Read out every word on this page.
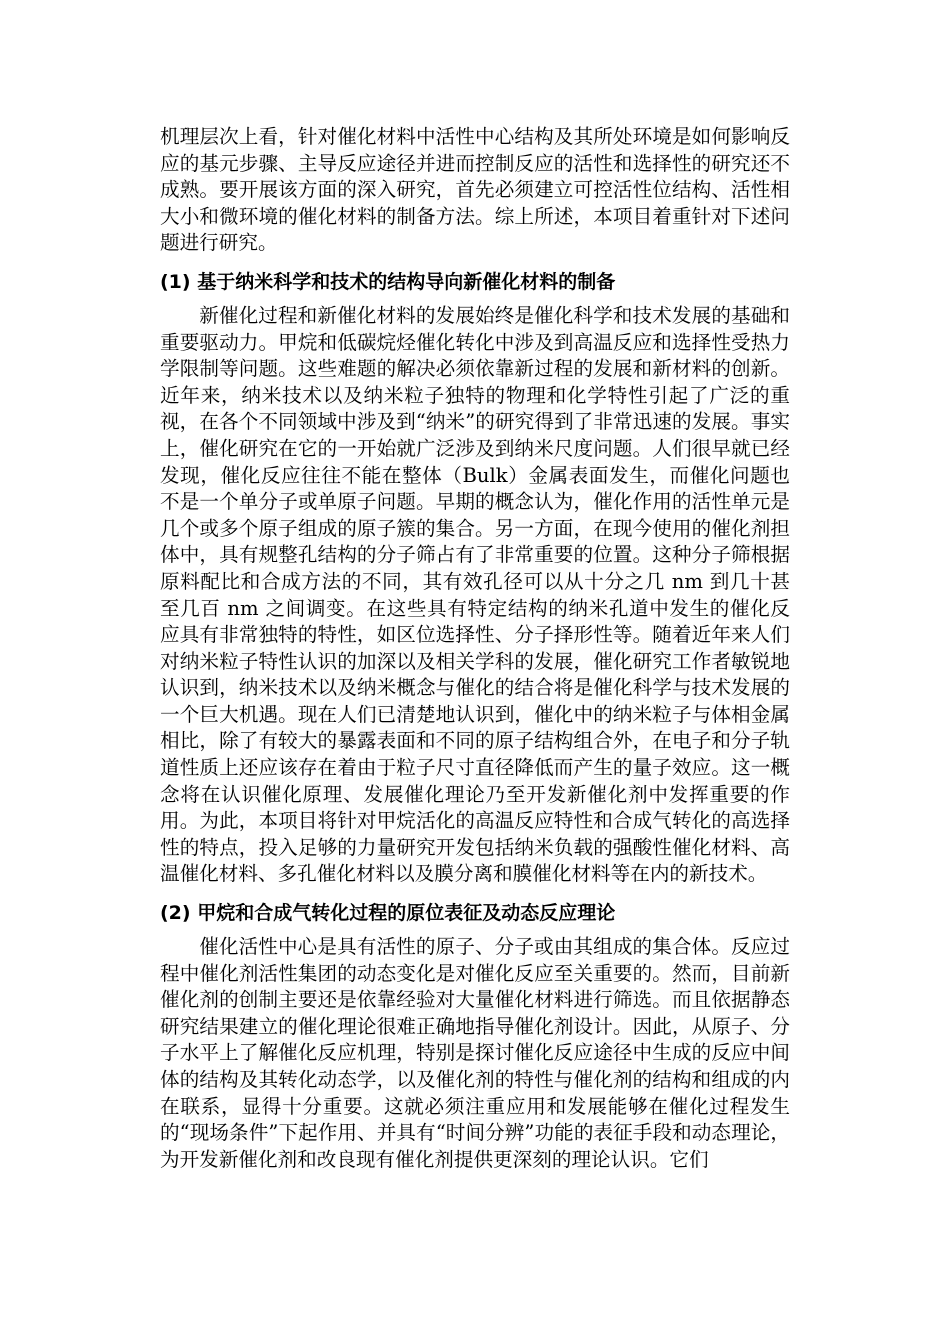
机理层次上看，针对催化材料中活性中心结构及其所处环境是如何影响反应的基元步骤、主导反应途径并进而控制反应的活性和选择性的研究还不成熟。要开展该方面的深入研究，首先必须建立可控活性位结构、活性相大小和微环境的催化材料的制备方法。综上所述，本项目着重针对下述问题进行研究。

(1) 基于纳米科学和技术的结构导向新催化材料的制备

新催化过程和新催化材料的发展始终是催化科学和技术发展的基础和重要驱动力。甲烷和低碳烷烃催化转化中涉及到高温反应和选择性受热力学限制等问题。这些难题的解决必须依靠新过程的发展和新材料的创新。近年来，纳米技术以及纳米粒子独特的物理和化学特性引起了广泛的重视，在各个不同领域中涉及到“纳米”的研究得到了非常迅速的发展。事实上，催化研究在它的一开始就广泛涉及到纳米尺度问题。人们很早就已经发现，催化反应往往不能在整体（Bulk）金属表面发生，而催化问题也不是一个单分子或单原子问题。早期的概念认为，催化作用的活性单元是几个或多个原子组成的原子簇的集合。另一方面，在现今使用的催化剂担体中，具有规整孔结构的分子筛占有了非常重要的位置。这种分子筛根据原料配比和合成方法的不同，其有效孔径可以从十分之几 nm 到几十甚至几百 nm 之间调变。在这些具有特定结构的纳米孔道中发生的催化反应具有非常独特的特性，如区位选择性、分子择形性等。随着近年来人们对纳米粒子特性认识的加深以及相关学科的发展，催化研究工作者敏锐地认识到，纳米技术以及纳米概念与催化的结合将是催化科学与技术发展的一个巨大机遇。现在人们已清楚地认识到，催化中的纳米粒子与体相金属相比，除了有较大的暴露表面和不同的原子结构组合外，在电子和分子轨道性质上还应该存在着由于粒子尺寸直径降低而产生的量子效应。这一概念将在认识催化原理、发展催化理论乃至开发新催化剂中发挥重要的作用。为此，本项目将针对甲烷活化的高温反应特性和合成气转化的高选择性的特点，投入足够的力量研究开发包括纳米负载的强酸性催化材料、高温催化材料、多孔催化材料以及膜分离和膜催化材料等在内的新技术。

(2) 甲烷和合成气转化过程的原位表征及动态反应理论

催化活性中心是具有活性的原子、分子或由其组成的集合体。反应过程中催化剂活性集团的动态变化是对催化反应至关重要的。然而，目前新催化剂的创制主要还是依靠经验对大量催化材料进行筛选。而且依据静态研究结果建立的催化理论很难正确地指导催化剂设计。因此，从原子、分子水平上了解催化反应机理，特别是探讨催化反应途径中生成的反应中间体的结构及其转化动态学，以及催化剂的特性与催化剂的结构和组成的内在联系，显得十分重要。这就必须注重应用和发展能够在催化过程发生的“现场条件”下起作用、并具有“时间分辨”功能的表征手段和动态理论，为开发新催化剂和改良现有催化剂提供更深刻的理论认识。它们
